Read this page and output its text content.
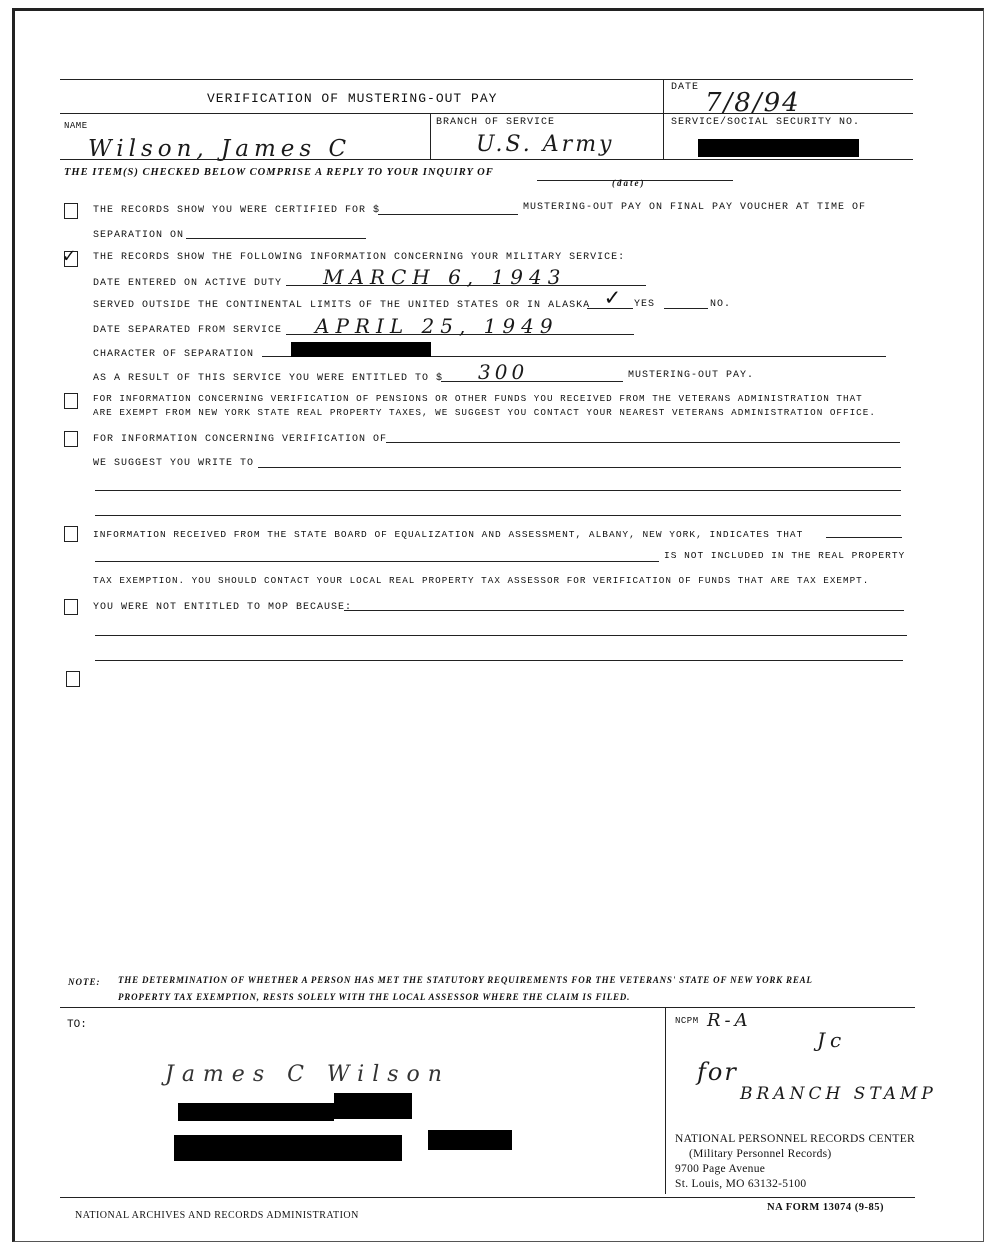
VERIFICATION OF MUSTERING-OUT PAY
DATE
7/8/94
NAME
Wilson, James C
BRANCH OF SERVICE
U.S. Army
SERVICE/SOCIAL SECURITY NO.
THE ITEM(S) CHECKED BELOW COMPRISE A REPLY TO YOUR INQUIRY OF
(date)
THE RECORDS SHOW YOU WERE CERTIFIED FOR $	MUSTERING-OUT PAY ON FINAL PAY VOUCHER AT TIME OF
SEPARATION ON
✓ THE RECORDS SHOW THE FOLLOWING INFORMATION CONCERNING YOUR MILITARY SERVICE:
DATE ENTERED ON ACTIVE DUTY MARCH 6, 1943
SERVED OUTSIDE THE CONTINENTAL LIMITS OF THE UNITED STATES OR IN ALASKA ✓ YES	NO.
DATE SEPARATED FROM SERVICE APRIL 25, 1949
CHARACTER OF SEPARATION
AS A RESULT OF THIS SERVICE YOU WERE ENTITLED TO $ 300	MUSTERING-OUT PAY.
FOR INFORMATION CONCERNING VERIFICATION OF PENSIONS OR OTHER FUNDS YOU RECEIVED FROM THE VETERANS ADMINISTRATION THAT
ARE EXEMPT FROM NEW YORK STATE REAL PROPERTY TAXES, WE SUGGEST YOU CONTACT YOUR NEAREST VETERANS ADMINISTRATION OFFICE.
FOR INFORMATION CONCERNING VERIFICATION OF
WE SUGGEST YOU WRITE TO
INFORMATION RECEIVED FROM THE STATE BOARD OF EQUALIZATION AND ASSESSMENT, ALBANY, NEW YORK, INDICATES THAT
IS NOT INCLUDED IN THE REAL PROPERTY
TAX EXEMPTION. YOU SHOULD CONTACT YOUR LOCAL REAL PROPERTY TAX ASSESSOR FOR VERIFICATION OF FUNDS THAT ARE TAX EXEMPT.
YOU WERE NOT ENTITLED TO MOP BECAUSE:
NOTE: THE DETERMINATION OF WHETHER A PERSON HAS MET THE STATUTORY REQUIREMENTS FOR THE VETERANS' STATE OF NEW YORK REAL
PROPERTY TAX EXEMPTION, RESTS SOLELY WITH THE LOCAL ASSESSOR WHERE THE CLAIM IS FILED.
TO:
James C Wilson
NCPM R-A
Jc
for
BRANCH STAMP
NATIONAL PERSONNEL RECORDS CENTER
(Military Personnel Records)
9700 Page Avenue
St. Louis, MO 63132-5100
NATIONAL ARCHIVES AND RECORDS ADMINISTRATION
NA FORM 13074 (9-85)
